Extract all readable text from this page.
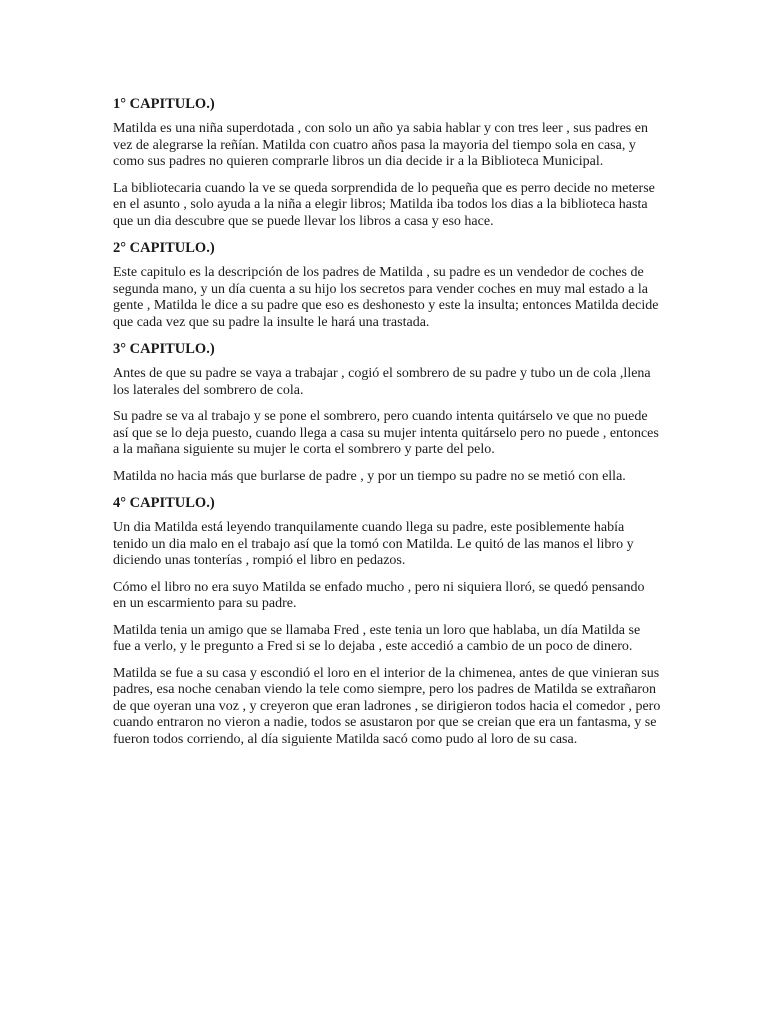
1° CAPITULO.)

Matilda es una niña superdotada , con solo un año ya sabia hablar y con tres leer , sus padres en vez de alegrarse la reñían. Matilda con cuatro años pasa la mayoria del tiempo sola en casa, y como sus padres no quieren comprarle libros un dia decide ir a la Biblioteca Municipal.

La bibliotecaria cuando la ve se queda sorprendida de lo pequeña que es perro decide no meterse en el asunto , solo ayuda a la niña a elegir libros; Matilda iba todos los dias a la biblioteca hasta que un dia descubre que se puede llevar los libros a casa y eso hace.

2° CAPITULO.)

Este capitulo es la descripción de los padres de Matilda , su padre es un vendedor de coches de segunda mano, y un día cuenta a su hijo los secretos para vender coches en muy mal estado a la gente , Matilda le dice a su padre que eso es deshonesto y este la insulta; entonces Matilda decide que cada vez que su padre la insulte le hará una trastada.

3° CAPITULO.)

Antes de que su padre se vaya a trabajar , cogió el sombrero de su padre y tubo un de cola ,llena los laterales del sombrero de cola.

Su padre se va al trabajo y se pone el sombrero, pero cuando intenta quitárselo ve que no puede así que se lo deja puesto, cuando llega a casa su mujer intenta quitárselo pero no puede , entonces a la mañana siguiente su mujer le corta el sombrero y parte del pelo.

Matilda no hacia más que burlarse de padre , y por un tiempo su padre no se metió con ella.

4° CAPITULO.)

Un dia Matilda está leyendo tranquilamente cuando llega su padre, este posiblemente había tenido un dia malo en el trabajo así que la tomó con Matilda. Le quitó de las manos el libro y diciendo unas tonterías , rompió el libro en pedazos.

Cómo el libro no era suyo Matilda se enfado mucho , pero ni siquiera lloró, se quedó pensando en un escarmiento para su padre.

Matilda tenia un amigo que se llamaba Fred , este tenia un loro que hablaba, un día Matilda se fue a verlo, y le pregunto a Fred si se lo dejaba , este accedió a cambio de un poco de dinero.

Matilda se fue a su casa y escondió el loro en el interior de la chimenea, antes de que vinieran sus padres, esa noche cenaban viendo la tele como siempre, pero los padres de Matilda se extrañaron de que oyeran una voz , y creyeron que eran ladrones , se dirigieron todos hacia el comedor , pero cuando entraron no vieron a nadie, todos se asustaron por que se creian que era un fantasma, y se fueron todos corriendo, al día siguiente Matilda sacó como pudo al loro de su casa.
